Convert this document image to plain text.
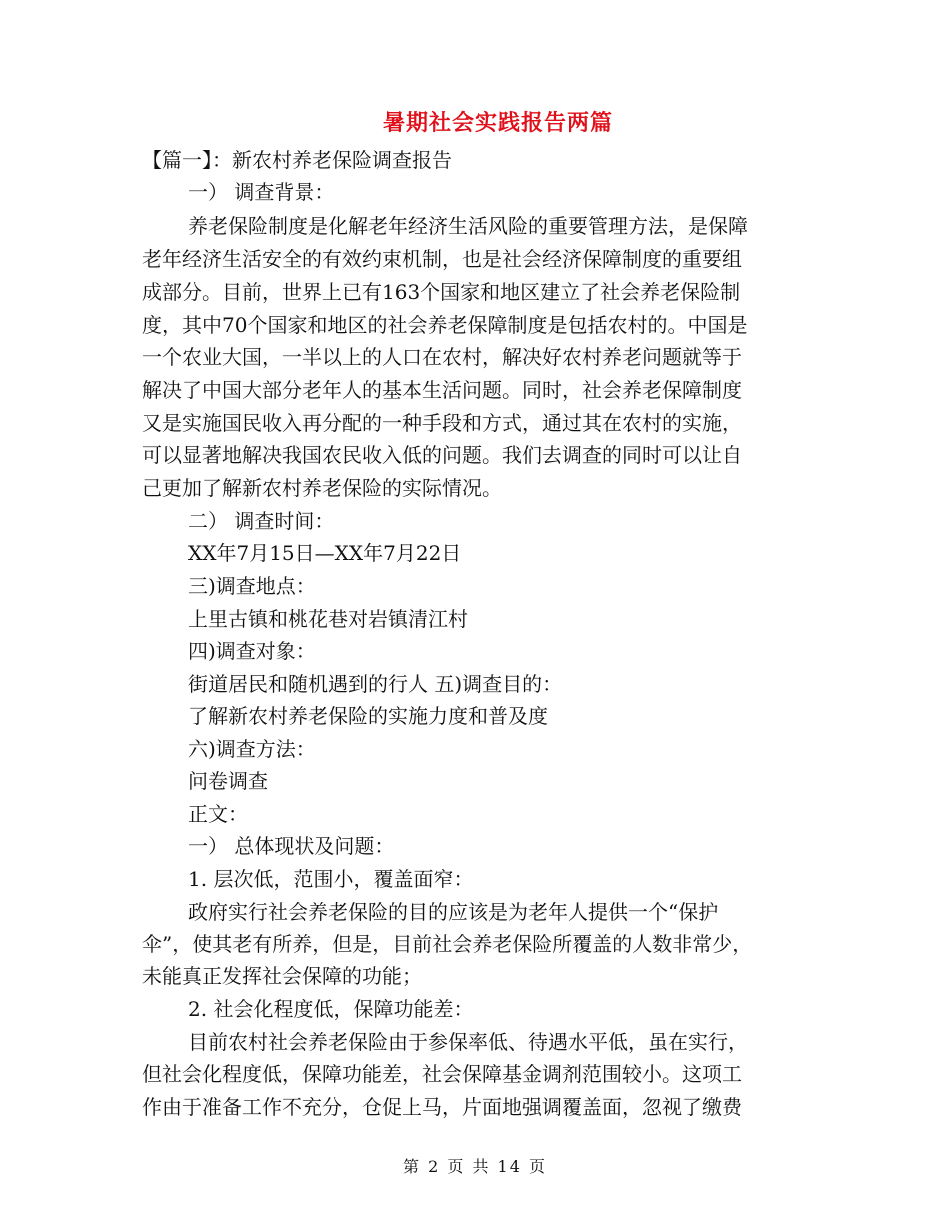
暑期社会实践报告两篇
【篇一】：新农村养老保险调查报告
一） 调查背景：
养老保险制度是化解老年经济生活风险的重要管理方法，是保障
老年经济生活安全的有效约束机制，也是社会经济保障制度的重要组
成部分。目前，世界上已有163个国家和地区建立了社会养老保险制
度，其中70个国家和地区的社会养老保障制度是包括农村的。中国是
一个农业大国，一半以上的人口在农村，解决好农村养老问题就等于
解决了中国大部分老年人的基本生活问题。同时，社会养老保障制度
又是实施国民收入再分配的一种手段和方式，通过其在农村的实施，
可以显著地解决我国农民收入低的问题。我们去调查的同时可以让自
己更加了解新农村养老保险的实际情况。
二） 调查时间：
XX年7月15日—XX年7月22日
三)调查地点：
上里古镇和桃花巷对岩镇清江村
四)调查对象：
街道居民和随机遇到的行人 五)调查目的：
了解新农村养老保险的实施力度和普及度
六)调查方法：
问卷调查
正文：
一） 总体现状及问题：
1. 层次低，范围小，覆盖面窄：
政府实行社会养老保险的目的应该是为老年人提供一个“保护
伞”，使其老有所养，但是，目前社会养老保险所覆盖的人数非常少，
未能真正发挥社会保障的功能；
2. 社会化程度低，保障功能差：
目前农村社会养老保险由于参保率低、待遇水平低，虽在实行，
但社会化程度低，保障功能差，社会保障基金调剂范围较小。这项工
作由于准备工作不充分，仓促上马，片面地强调覆盖面，忽视了缴费
第 2 页 共 14 页
